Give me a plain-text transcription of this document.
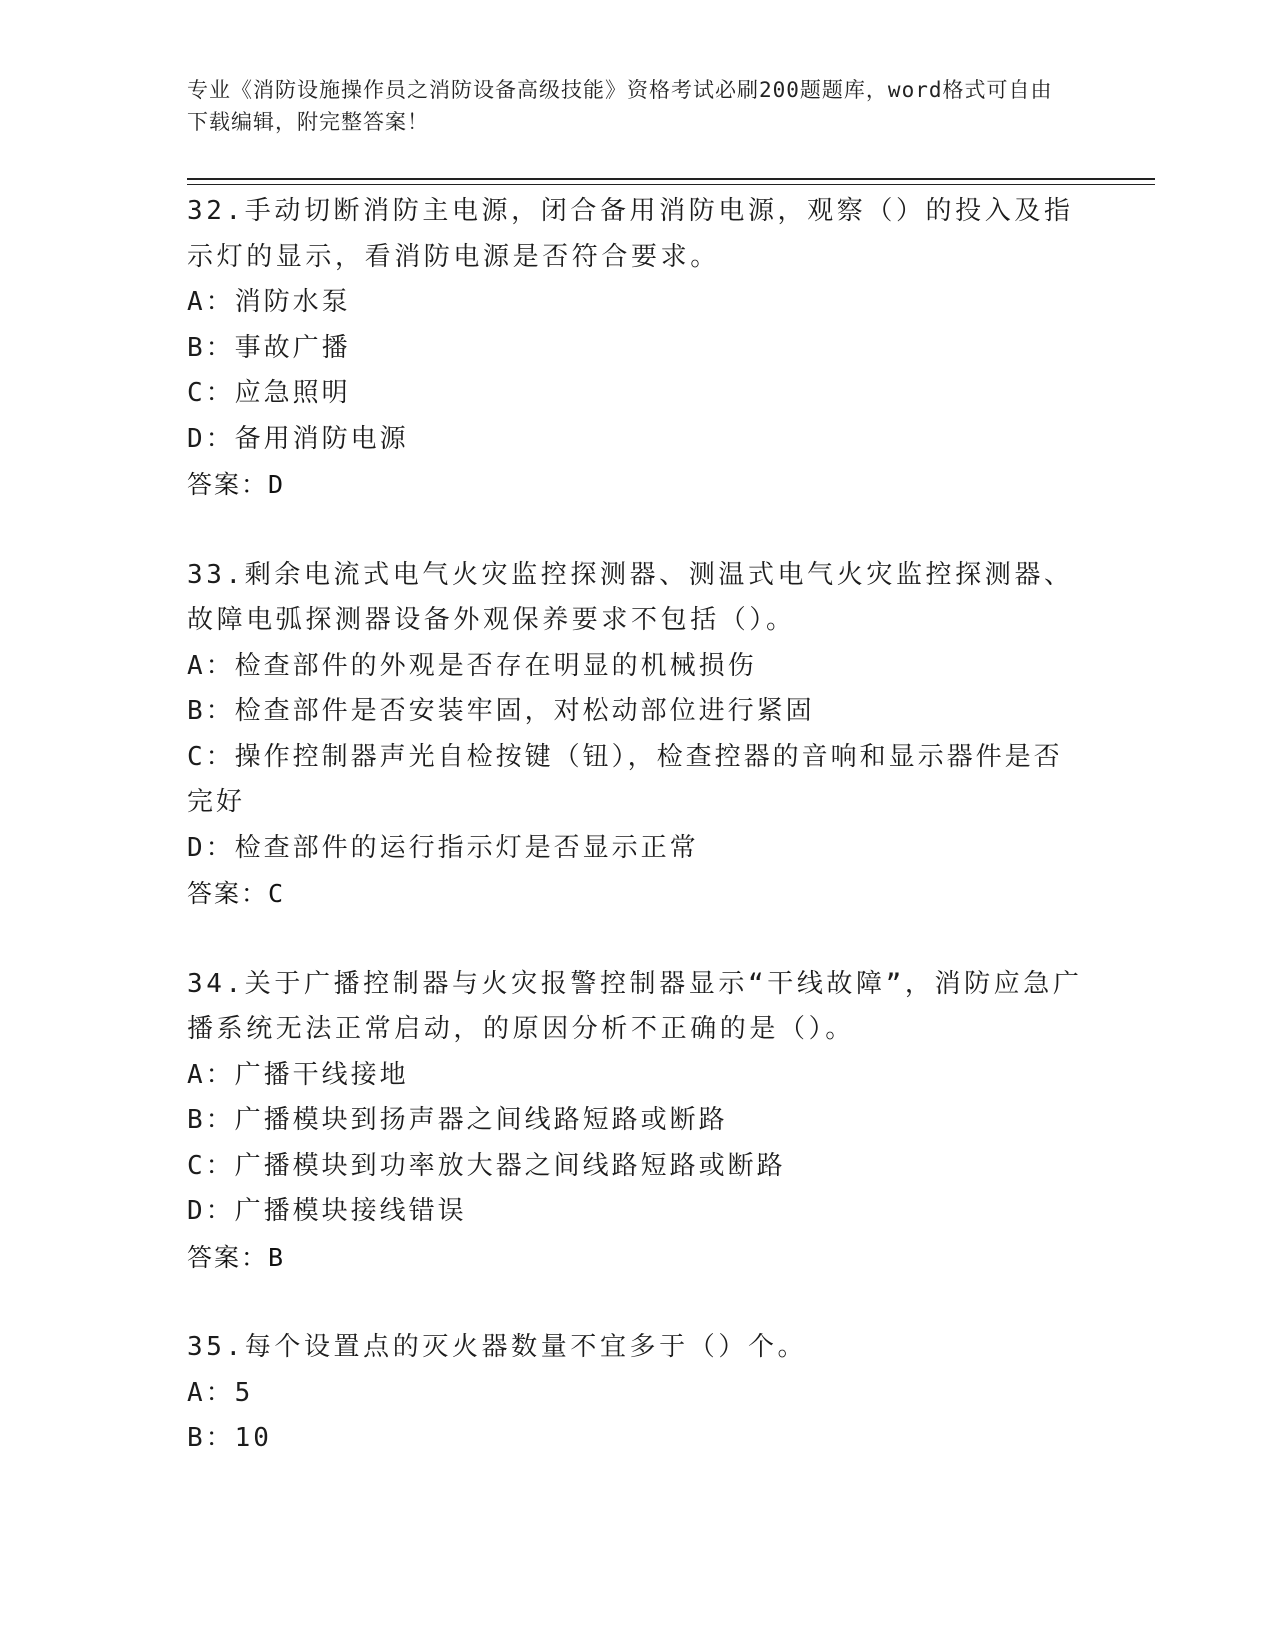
专业《消防设施操作员之消防设备高级技能》资格考试必刷200题题库，word格式可自由下载编辑，附完整答案！
32.手动切断消防主电源，闭合备用消防电源，观察（）的投入及指示灯的显示，看消防电源是否符合要求。
A：消防水泵
B：事故广播
C：应急照明
D：备用消防电源
答案：D
33.剩余电流式电气火灾监控探测器、测温式电气火灾监控探测器、故障电弧探测器设备外观保养要求不包括（）。
A：检查部件的外观是否存在明显的机械损伤
B：检查部件是否安装牢固，对松动部位进行紧固
C：操作控制器声光自检按键（钮），检查控器的音响和显示器件是否完好
D：检查部件的运行指示灯是否显示正常
答案：C
34.关于广播控制器与火灾报警控制器显示“干线故障”，消防应急广播系统无法正常启动，的原因分析不正确的是（）。
A：广播干线接地
B：广播模块到扬声器之间线路短路或断路
C：广播模块到功率放大器之间线路短路或断路
D：广播模块接线错误
答案：B
35.每个设置点的灭火器数量不宜多于（）个。
A：5
B：10
